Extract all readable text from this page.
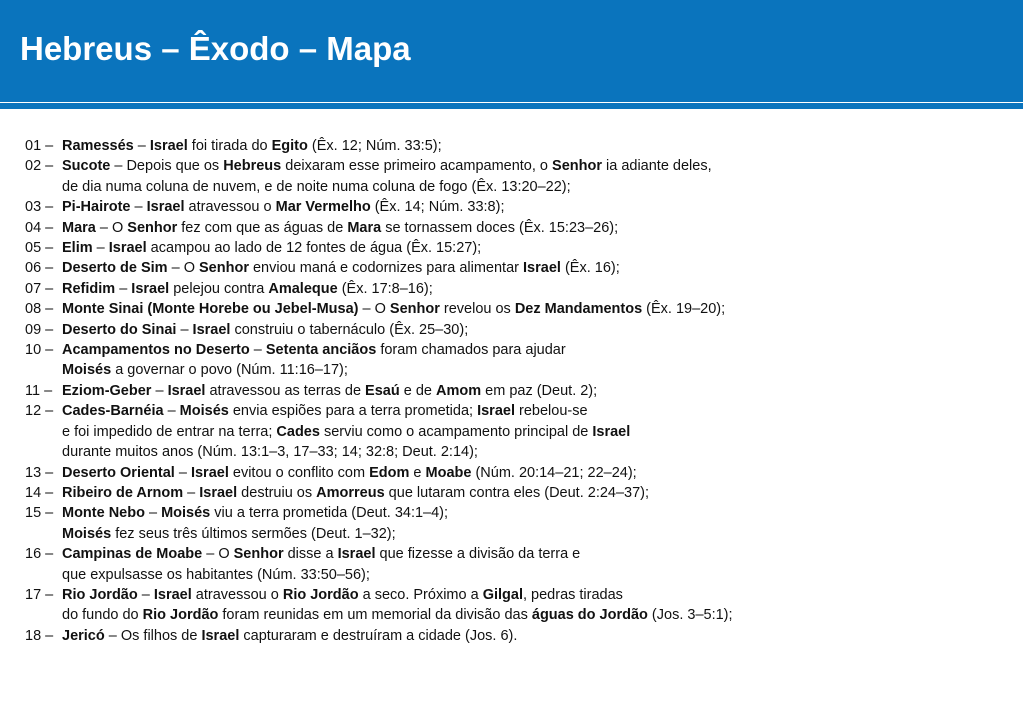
Hebreus – Êxodo – Mapa
01 – Ramessés – Israel foi tirada do Egito (Êx. 12; Núm. 33:5);
02 – Sucote – Depois que os Hebreus deixaram esse primeiro acampamento, o Senhor ia adiante deles,
de dia numa coluna de nuvem, e de noite numa coluna de fogo (Êx. 13:20–22);
03 – Pi-Hairote – Israel atravessou o Mar Vermelho (Êx. 14; Núm. 33:8);
04 – Mara – O Senhor fez com que as águas de Mara se tornassem doces (Êx. 15:23–26);
05 – Elim – Israel acampou ao lado de 12 fontes de água (Êx. 15:27);
06 – Deserto de Sim – O Senhor enviou maná e codornizes para alimentar Israel (Êx. 16);
07 – Refidim – Israel pelejou contra Amaleque (Êx. 17:8–16);
08 – Monte Sinai (Monte Horebe ou Jebel-Musa) – O Senhor revelou os Dez Mandamentos (Êx. 19–20);
09 – Deserto do Sinai – Israel construiu o tabernáculo (Êx. 25–30);
10 – Acampamentos no Deserto – Setenta anciãos foram chamados para ajudar
Moisés a governar o povo (Núm. 11:16–17);
11 – Eziom-Geber – Israel atravessou as terras de Esaú e de Amom em paz (Deut. 2);
12 – Cades-Barnéia – Moisés envia espiões para a terra prometida; Israel rebelou-se
e foi impedido de entrar na terra; Cades serviu como o acampamento principal de Israel
durante muitos anos (Núm. 13:1–3, 17–33; 14; 32:8; Deut. 2:14);
13 – Deserto Oriental – Israel evitou o conflito com Edom e Moabe (Núm. 20:14–21; 22–24);
14 – Ribeiro de Arnom – Israel destruiu os Amorreus que lutaram contra eles (Deut. 2:24–37);
15 – Monte Nebo – Moisés viu a terra prometida (Deut. 34:1–4);
Moisés fez seus três últimos sermões (Deut. 1–32);
16 – Campinas de Moabe – O Senhor disse a Israel que fizesse a divisão da terra e
que expulsasse os habitantes (Núm. 33:50–56);
17 – Rio Jordão – Israel atravessou o Rio Jordão a seco. Próximo a Gilgal, pedras tiradas
do fundo do Rio Jordão foram reunidas em um memorial da divisão das águas do Jordão (Jos. 3–5:1);
18 – Jericó – Os filhos de Israel capturaram e destruíram a cidade (Jos. 6).
